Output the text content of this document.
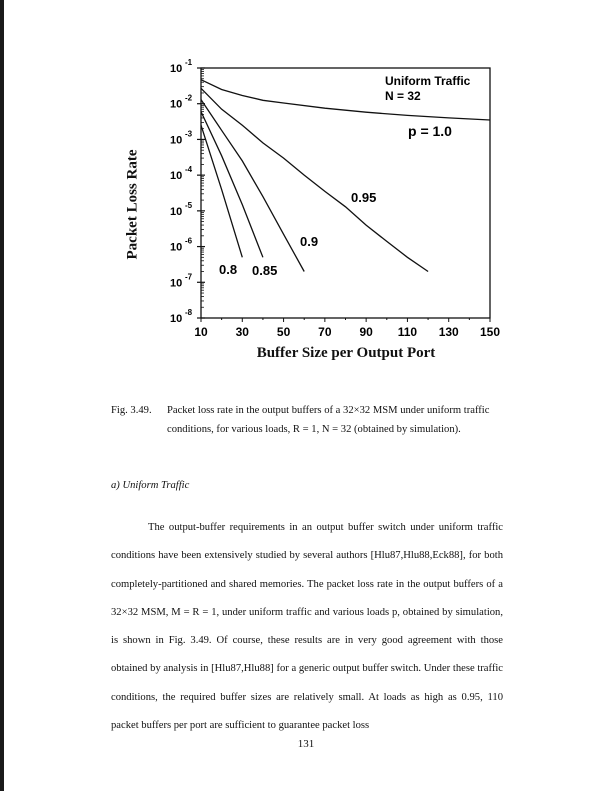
10
-1
10
-2
10
-3
10
-4
10
-5
10
-6
10
-7
10
-8
10 30 50 70 90 110 130 150
Uniform Traffic
N = 32
p = 1.0
0.95
0.9
0.85
0.8
Packet Loss Rate
Buffer Size per Output Port
Fig. 3.49. Packet loss rate in the output buffers of a 32×32 MSM under uniform traffic conditions, for various loads, R = 1, N = 32 (obtained by simulation).
a) Uniform Traffic

The output-buffer requirements in an output buffer switch under uniform traffic conditions have been extensively studied by several authors [Hlu87,Hlu88,Eck88], for both completely-partitioned and shared memories. The packet loss rate in the output buffers of a 32×32 MSM, M = R = 1, under uniform traffic and various loads p, obtained by simulation, is shown in Fig. 3.49. Of course, these results are in very good agreement with those obtained by analysis in [Hlu87,Hlu88] for a generic output buffer switch. Under these traffic conditions, the required buffer sizes are relatively small. At loads as high as 0.95, 110 packet buffers per port are sufficient to guarantee packet loss

131
